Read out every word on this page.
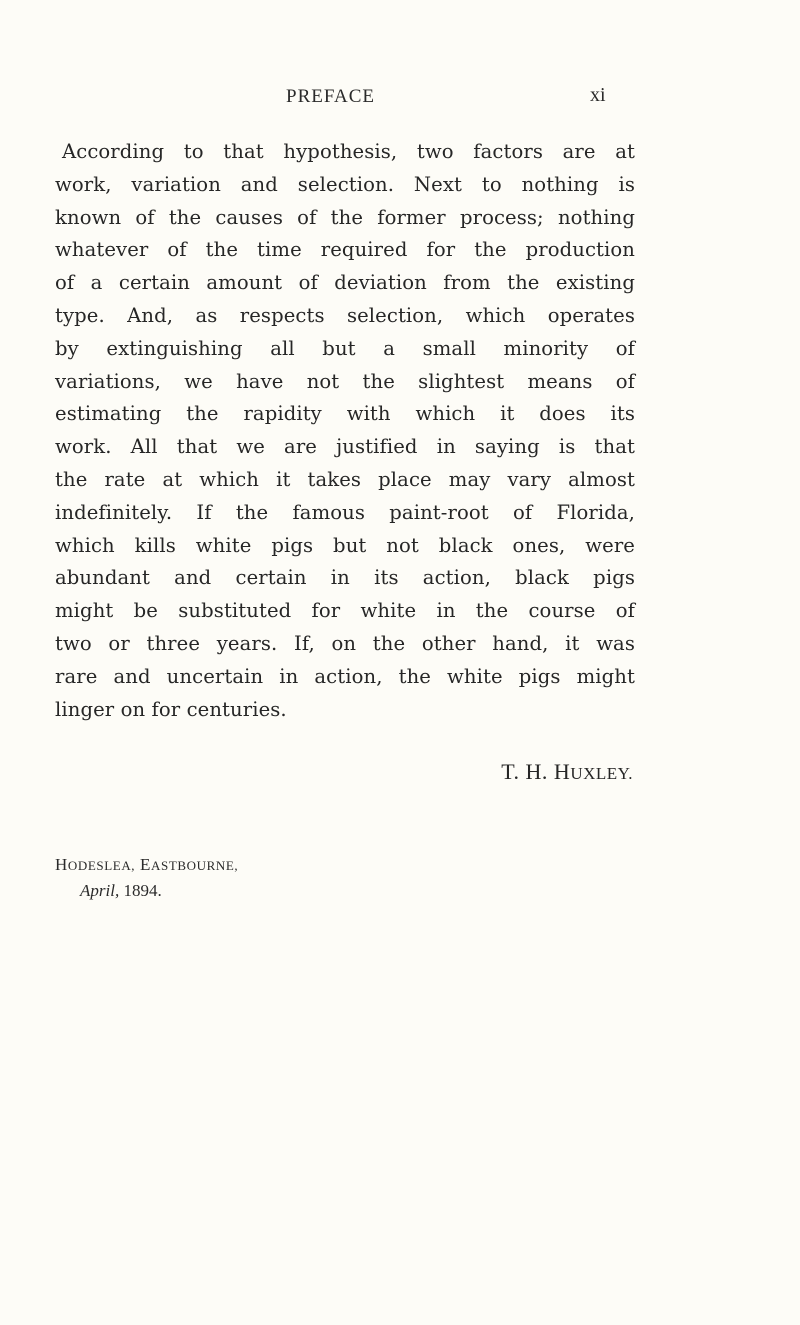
PREFACE	xi
According to that hypothesis, two factors are at
work, variation and selection. Next to nothing is
known of the causes of the former process; nothing
whatever of the time required for the production
of a certain amount of deviation from the existing
type. And, as respects selection, which operates
by extinguishing all but a small minority of
variations, we have not the slightest means of
estimating the rapidity with which it does its
work. All that we are justified in saying is that
the rate at which it takes place may vary almost
indefinitely. If the famous paint-root of Florida,
which kills white pigs but not black ones, were
abundant and certain in its action, black pigs
might be substituted for white in the course of
two or three years. If, on the other hand, it was
rare and uncertain in action, the white pigs might
linger on for centuries.
T. H. HUXLEY.
HODESLEA, EASTBOURNE,
April, 1894.
